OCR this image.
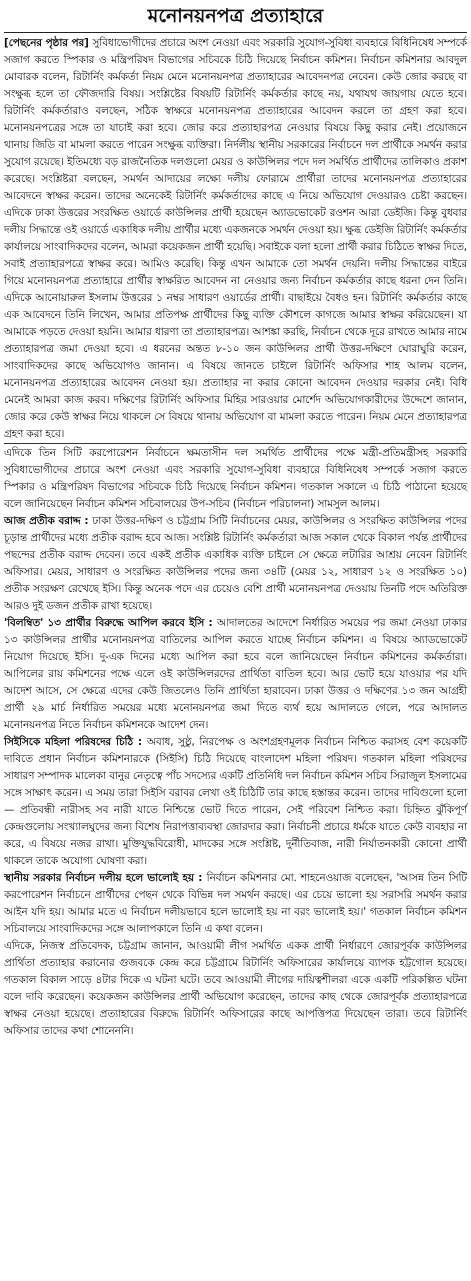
মনোনয়নপত্র প্রত্যাহারে

[পেছনের পৃষ্ঠার পর] সুবিধাভোগীদের প্রচারে অংশ নেওয়া এবং সরকারি সুযোগ-সুবিধা ব্যবহারে বিধিনিষেধ সম্পর্কে সজাগ করতে স্পিকার ও মন্ত্রিপরিষদ বিভাগের সচিবকে চিঠি দিয়েছে নির্বাচন কমিশন। নির্বাচন কমিশনার আবদুল মোবারক বলেন, রিটার্নিং কর্মকর্তা নিয়ম মেনে মনোনয়নপত্র প্রত্যাহারের আবেদনপত্র নেবেন। কেউ জোর করছে বা সংক্ষুব্ধ হলে তা ফৌজদারি বিষয়। সংশ্লিষ্টের বিষয়টি রিটার্নিং কর্মকর্তার কাছে নয়, যথাযথ জায়গায় যেতে হবে। রিটার্নিং কর্মকর্তারাও বলছেন, সঠিক স্বাক্ষরে মনোনয়নপত্র প্রত্যাহারের আবেদন করলে তা গ্রহণ করা হবে। মনোনয়নপত্রের সঙ্গে তা যাচাই করা হবে। জোর করে প্রত্যাহারপত্র নেওয়ার বিষয়ে কিছু করার নেই। প্রয়োজনে থানায় জিডি বা মামলা করতে পারেন সংক্ষুব্ধ ব্যক্তিরা। নির্দলীয় স্থানীয় সরকারের নির্বাচনে দল প্রার্থীকে সমর্থন করার সুযোগ রয়েছে। ইতিমধ্যে বড় রাজনৈতিক দলগুলো মেয়র ও কাউন্সিলর পদে দল সমর্থিত প্রার্থীদের তালিকাও প্রকাশ করেছে। সংশ্লিষ্টরা বলছেন, সমর্থন আদায়ের লক্ষ্যে দলীয় ফোরামে প্রার্থীরা তাদের মনোনয়নপত্র প্রত্যাহারের আবেদনে স্বাক্ষর করেন। তাদের অনেকেই রিটার্নিং কর্মকর্তাদের কাছে এ নিয়ে অভিযোগ দেওয়ারও চেষ্টা করছেন। এদিকে ঢাকা উত্তরের সংরক্ষিত ওয়ার্ডে কাউন্সিলর প্রার্থী হয়েছেন অ্যাডভোকেট রওশন আরা ডেইজি। কিন্তু বুধবার দলীয় সিদ্ধান্তে ওই ওয়ার্ডে একাধিক দলীয় প্রার্থীর মধ্যে একজনকে সমর্থন দেওয়া হয়। ক্ষুব্ধ ডেইজি রিটার্নিং কর্মকর্তার কার্যালয়ে সাংবাদিকদের বলেন, আমরা কয়েকজন প্রার্থী হয়েছি। সবাইকে বলা হলো প্রার্থী করার চিঠিতে স্বাক্ষর দিতে, সবাই প্রত্যাহারপত্রে স্বাক্ষর করে। আমিও করেছি। কিন্তু এখন আমাকে তো সমর্থন দেয়নি। দলীয় সিদ্ধান্তের বাইরে গিয়ে মনোনয়নপত্র প্রত্যাহারে প্রার্থীর স্বাক্ষরিত আবেদন না নেওয়ার জন্য নির্বাচন কর্মকর্তার কাছে ধরনা দেন তিনি। এদিকে আনোয়ারুল ইসলাম উত্তরের ১ নম্বর সাধারণ ওয়ার্ডের প্রার্থী। বাছাইয়ে বৈধও হন। রিটার্নিং কর্মকর্তার কাছে এক আবেদনে তিনি লিখেন, আমার প্রতিপক্ষ প্রার্থীদের কিছু ব্যক্তি কৌশলে কাগজে আমার স্বাক্ষর করিয়েছেন। যা আমাকে পড়তে দেওয়া হয়নি। আমার ধারণা তা প্রত্যাহারপত্র। আশঙ্কা করছি, নির্বাচন থেকে দূরে রাখতে আমার নামে প্রত্যাহারপত্র জমা দেওয়া হবে। এ ধরনের অন্তত ৮-১০ জন কাউন্সিলর প্রার্থী উত্তর-দক্ষিণে ঘোরাঘুরি করেন, সাংবাদিকদের কাছে অভিযোগও জানান। এ বিষয়ে জানতে চাইলে রিটার্নিং অফিসার শাহ আলম বলেন, মনোনয়নপত্র প্রত্যাহারের আবেদন নেওয়া হয়। প্রত্যাহার না করার কোনো আবেদন দেওয়ার দরকার নেই। বিধি মেনেই আমরা কাজ করব। দক্ষিণের রিটার্নিং অফিসার মিহির সারওয়ার মোর্শেদ অভিযোগকারীদের উদ্দেশে জানান, জোর করে কেউ স্বাক্ষর নিয়ে থাকলে সে বিষয়ে থানায় অভিযোগ বা মামলা করতে পারেন। নিয়ম মেনে প্রত্যাহারপত্র গ্রহণ করা হবে।

এদিকে তিন সিটি করপোরেশন নির্বাচনে ক্ষমতাসীন দল সমর্থিত প্রার্থীদের পক্ষে মন্ত্রী-প্রতিমন্ত্রীসহ সরকারি সুবিধাভোগীদের প্রচারে অংশ নেওয়া এবং সরকারি সুযোগ-সুবিধা ব্যবহারে বিধিনিষেধ সম্পর্কে সজাগ করতে স্পিকার ও মন্ত্রিপরিষদ বিভাগের সচিবকে চিঠি দিয়েছে নির্বাচন কমিশন। গতকাল সকালে এ চিঠি পাঠানো হয়েছে বলে জানিয়েছেন নির্বাচন কমিশন সচিবালয়ের উপ-সচিব (নির্বাচন পরিচালনা) সামসুল আলম।

আজ প্রতীক বরাদ্দ : ঢাকা উত্তর-দক্ষিণ ও চট্টগ্রাম সিটি নির্বাচনের মেয়র, কাউন্সিলর ও সংরক্ষিত কাউন্সিলর পদের চূড়ান্ত প্রার্থীদের মধ্যে প্রতীক বরাদ্দ হবে আজ। সংশ্লিষ্ট রিটার্নিং কর্মকর্তারা আজ সকাল থেকে বিকাল পর্যন্ত প্রার্থীদের পছন্দের প্রতীক বরাদ্দ দেবেন। তবে একই প্রতীক একাধিক ব্যক্তি চাইলে সে ক্ষেত্রে লটারির আশ্রয় নেবেন রিটার্নিং অফিসার। মেয়র, সাধারণ ও সংরক্ষিত কাউন্সিলর পদের জন্য ৩৪টি (মেয়র ১২, সাধারণ ১২ ও সংরক্ষিত ১০) প্রতীক সংরক্ষণ রেখেছে ইসি। কিন্তু অনেক পদে এর চেয়েও বেশি প্রার্থী মনোনয়নপত্র দেওয়ায় তিনটি পদে অতিরিক্ত আরও দুই ডজন প্রতীক রাখা হয়েছে।

'বিলম্বিত' ১৩ প্রার্থীর বিরুদ্ধে আপিল করবে ইসি : আদালতের আদেশে নির্ধারিত সময়ের পর জমা নেওয়া ঢাকার ১৩ কাউন্সিলর প্রার্থীর মনোনয়নপত্র বাতিলের আপিল করতে যাচ্ছে নির্বাচন কমিশন। এ বিষয়ে অ্যাডভোকেট নিয়োগ দিয়েছে ইসি। দু-এক দিনের মধ্যে আপিল করা হবে বলে জানিয়েছেন নির্বাচন কমিশনের কর্মকর্তারা। আপিলের রায় কমিশনের পক্ষে এলে ওই কাউন্সিলরদের প্রার্থিতা বাতিল হবে। আর ভোট হয়ে যাওয়ার পর যদি আদেশ আসে, সে ক্ষেত্রে এদের কেউ জিতলেও তিনি প্রার্থিতা হারাবেন। ঢাকা উত্তর ও দক্ষিণের ১৩ জন আগ্রহী প্রার্থী ২৯ মার্চ নির্ধারিত সময়ের মধ্যে মনোনয়নপত্র জমা দিতে ব্যর্থ হয়ে আদালতে গেলে, পরে আদালত মনোনয়নপত্র নিতে নির্বাচন কমিশনকে আদেশ দেন।

সিইসিকে মহিলা পরিষদের চিঠি : অবাধ, সুষ্ঠু, নিরপেক্ষ ও অংশগ্রহণমূলক নির্বাচন নিশ্চিত করাসহ বেশ কয়েকটি দাবিতে প্রধান নির্বাচন কমিশনারকে (সিইসি) চিঠি দিয়েছে বাংলাদেশ মহিলা পরিষদ। গতকাল মহিলা পরিষদের সাধারণ সম্পাদক মালেকা বানুর নেতৃত্বে পাঁচ সদস্যের একটি প্রতিনিধি দল নির্বাচন কমিশন সচিব সিরাজুল ইসলামের সঙ্গে সাক্ষাৎ করেন। এ সময় তারা সিইসি বরাবর লেখা ওই চিঠিটি তার কাছে হস্তান্তর করেন। তাদের দাবিগুলো হলো— প্রতিবন্ধী নারীসহ সব নারী যাতে নিশ্চিন্তে ভোট দিতে পারেন, সেই পরিবেশ নিশ্চিত করা। চিহ্নিত ঝুঁকিপূর্ণ কেন্দ্রগুলোয় সংখ্যালঘুদের জন্য বিশেষ নিরাপত্তাব্যবস্থা জোরদার করা। নির্বাচনী প্রচারে ধর্মকে যাতে কেউ ব্যবহার না করে, এ বিষয়ে নজর রাখা। মুক্তিযুদ্ধবিরোধী, মাদকের সঙ্গে সংশ্লিষ্ট, দুর্নীতিবাজ, নারী নির্যাতনকারী কোনো প্রার্থী থাকলে তাকে অযোগ্য ঘোষণা করা।

স্থানীয় সরকার নির্বাচন দলীয় হলে ভালোই হয় : নির্বাচন কমিশনার মো. শাহনেওয়াজ বলেছেন, 'আসন্ন তিন সিটি করপোরেশন নির্বাচনে প্রার্থীদের পেছন থেকে বিভিন্ন দল সমর্থন করছে। এর চেয়ে ভালো হয় সরাসরি সমর্থন করার আইন যদি হয়। আমার মতে এ নির্বাচন দলীয়ভাবে হলে ভালোই হয় না বরং ভালোই হয়।' গতকাল নির্বাচন কমিশন সচিবালয়ে সাংবাদিকদের সঙ্গে আলাপকালে তিনি এ কথা বলেন।

এদিকে, নিজস্ব প্রতিবেদক, চট্টগ্রাম জানান, আওয়ামী লীগ সমর্থিত একক প্রার্থী নির্ধারণে জোরপূর্বক কাউন্সিলর প্রার্থিতা প্রত্যাহার করানোর গুজবকে কেন্দ্র করে চট্টগ্রামে রিটার্নিং অফিসারের কার্যালয়ে ব্যাপক হট্টগোল হয়েছে। গতকাল বিকাল সাড়ে ৪টার দিকে এ ঘটনা ঘটে। তবে আওয়ামী লীগের দায়িত্বশীলরা একে একটি পরিকল্পিত ঘটনা বলে দাবি করেছেন। কয়েকজন কাউন্সিলর প্রার্থী অভিযোগ করেছেন, তাদের কাছ থেকে জোরপূর্বক প্রত্যাহারপত্রে স্বাক্ষর নেওয়া হয়েছে। প্রত্যাহারের বিরুদ্ধে রিটার্নিং অফিসারের কাছে আপত্তিপত্র দিয়েছেন তারা। তবে রিটার্নিং অফিসার তাদের কথা শোনেননি।
